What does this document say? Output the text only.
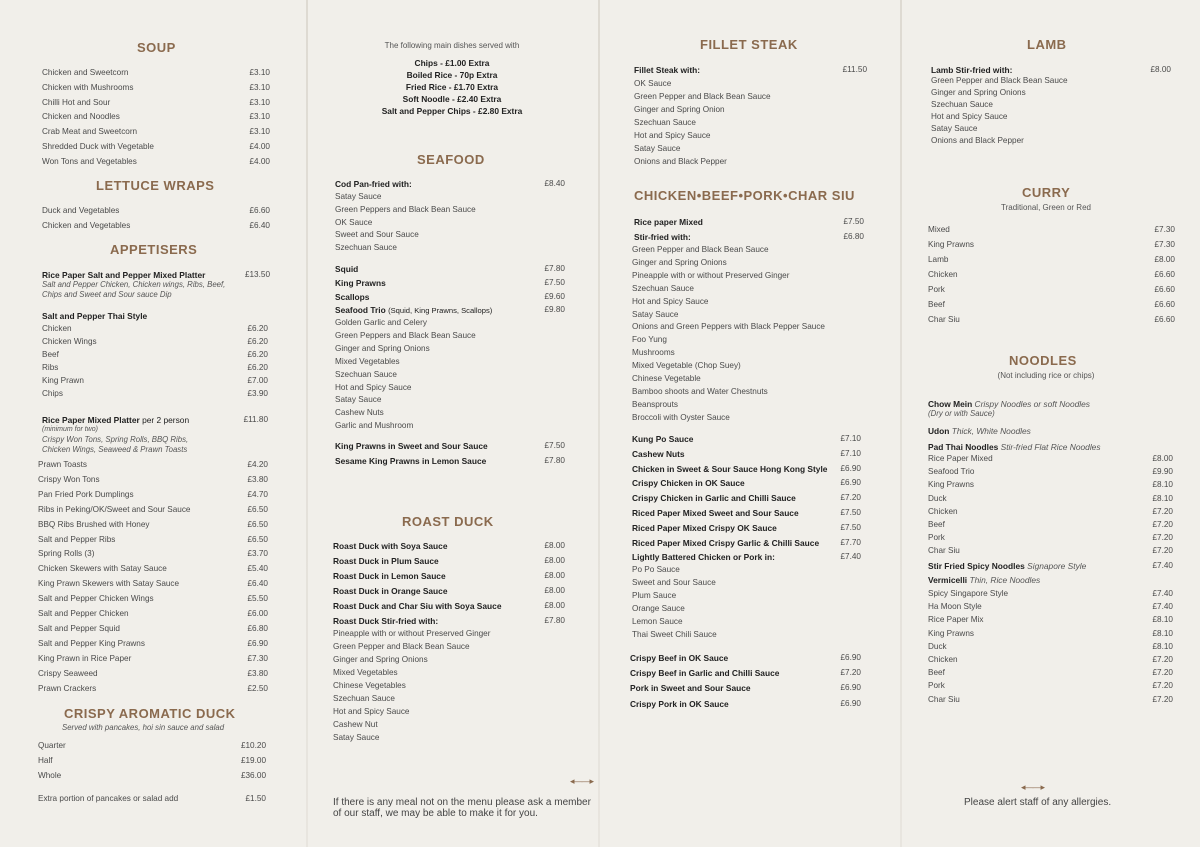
SOUP
Chicken and Sweetcorn	£3.10
Chicken with Mushrooms	£3.10
Chilli Hot and Sour	£3.10
Chicken and Noodles	£3.10
Crab Meat and Sweetcorn	£3.10
Shredded Duck with Vegetable	£4.00
Won Tons and Vegetables	£4.00
LETTUCE WRAPS
Duck and Vegetables	£6.60
Chicken and Vegetables	£6.40
APPETISERS
Rice Paper Salt and Pepper Mixed Platter	£13.50
Salt and Pepper Chicken, Chicken wings, Ribs, Beef,
Chips and Sweet and Sour sauce Dip
Salt and Pepper Thai Style
Chicken	£6.20
Chicken Wings	£6.20
Beef	£6.20
Ribs	£6.20
King Prawn	£7.00
Chips	£3.90
Rice Paper Mixed Platter per 2 person	£11.80
(minimum for two)
Crispy Won Tons, Spring Rolls, BBQ Ribs,
Chicken Wings, Seaweed & Prawn Toasts
Prawn Toasts	£4.20
Crispy Won Tons	£3.80
Pan Fried Pork Dumplings	£4.70
Ribs in Peking/OK/Sweet and Sour Sauce	£6.50
BBQ Ribs Brushed with Honey	£6.50
Salt and Pepper Ribs	£6.50
Spring Rolls (3)	£3.70
Chicken Skewers with Satay Sauce	£5.40
King Prawn Skewers with Satay Sauce	£6.40
Salt and Pepper Chicken Wings	£5.50
Salt and Pepper Chicken	£6.00
Salt and Pepper Squid	£6.80
Salt and Pepper King Prawns	£6.90
King Prawn in Rice Paper	£7.30
Crispy Seaweed	£3.80
Prawn Crackers	£2.50
CRISPY AROMATIC DUCK
Served with pancakes, hoi sin sauce and salad
Quarter	£10.20
Half	£19.00
Whole	£36.00
Extra portion of pancakes or salad add	£1.50
The following main dishes served with
Chips - £1.00 Extra
Boiled Rice - 70p Extra
Fried Rice - £1.70 Extra
Soft Noodle - £2.40 Extra
Salt and Pepper Chips - £2.80 Extra
SEAFOOD
Cod Pan-fried with:	£8.40
Satay Sauce
Green Peppers and Black Bean Sauce
OK Sauce
Sweet and Sour Sauce
Szechuan Sauce
Squid	£7.80
King Prawns	£7.50
Scallops	£9.60
Seafood Trio (Squid, King Prawns, Scallops)	£9.80
Golden Garlic and Celery
Green Peppers and Black Bean Sauce
Ginger and Spring Onions
Mixed Vegetables
Szechuan Sauce
Hot and Spicy Sauce
Satay Sauce
Cashew Nuts
Garlic and Mushroom
King Prawns in Sweet and Sour Sauce	£7.50
Sesame King Prawns in Lemon Sauce	£7.80
ROAST DUCK
Roast Duck with Soya Sauce	£8.00
Roast Duck in Plum Sauce	£8.00
Roast Duck in Lemon Sauce	£8.00
Roast Duck in Orange Sauce	£8.00
Roast Duck and Char Siu with Soya Sauce	£8.00
Roast Duck Stir-fried with:	£7.80
Pineapple with or without Preserved Ginger
Green Pepper and Black Bean Sauce
Ginger and Spring Onions
Mixed Vegetables
Chinese Vegetables
Szechuan Sauce
Hot and Spicy Sauce
Cashew Nut
Satay Sauce
◂——▸
If there is any meal not on the menu please ask a member of our staff, we may be able to make it for you.
FILLET STEAK
Fillet Steak with:	£11.50
OK Sauce
Green Pepper and Black Bean Sauce
Ginger and Spring Onion
Szechuan Sauce
Hot and Spicy Sauce
Satay Sauce
Onions and Black Pepper
CHICKEN•BEEF•PORK•CHAR SIU
Rice paper Mixed	£7.50
Stir-fried with:	£6.80
Green Pepper and Black Bean Sauce
Ginger and Spring Onions
Pineapple with or without Preserved Ginger
Szechuan Sauce
Hot and Spicy Sauce
Satay Sauce
Onions and Green Peppers with Black Pepper Sauce
Foo Yung
Mushrooms
Mixed Vegetable (Chop Suey)
Chinese Vegetable
Bamboo shoots and Water Chestnuts
Beansprouts
Broccoli with Oyster Sauce
Kung Po Sauce	£7.10
Cashew Nuts	£7.10
Chicken in Sweet & Sour Sauce Hong Kong Style	£6.90
Crispy Chicken in OK Sauce	£6.90
Crispy Chicken in Garlic and Chilli Sauce	£7.20
Riced Paper Mixed Sweet and Sour Sauce	£7.50
Riced Paper Mixed Crispy OK Sauce	£7.50
Riced Paper Mixed Crispy Garlic & Chilli Sauce	£7.70
Lightly Battered Chicken or Pork in:	£7.40
Po Po Sauce
Sweet and Sour Sauce
Plum Sauce
Orange Sauce
Lemon Sauce
Thai Sweet Chili Sauce
Crispy Beef in OK Sauce	£6.90
Crispy Beef in Garlic and Chilli Sauce	£7.20
Pork in Sweet and Sour Sauce	£6.90
Crispy Pork in OK Sauce	£6.90
LAMB
Lamb Stir-fried with:	£8.00
Green Pepper and Black Bean Sauce
Ginger and Spring Onions
Szechuan Sauce
Hot and Spicy Sauce
Satay Sauce
Onions and Black Pepper
CURRY
Traditional, Green or Red
Mixed	£7.30
King Prawns	£7.30
Lamb	£8.00
Chicken	£6.60
Pork	£6.60
Beef	£6.60
Char Siu	£6.60
NOODLES
(Not including rice or chips)
Chow Mein Crispy Noodles or soft Noodles
(Dry or with Sauce)
Udon Thick, White Noodles
Pad Thai Noodles Stir-fried Flat Rice Noodles
Rice Paper Mixed	£8.00
Seafood Trio	£9.90
King Prawns	£8.10
Duck	£8.10
Chicken	£7.20
Beef	£7.20
Pork	£7.20
Char Siu	£7.20
Stir Fried Spicy Noodles Signapore Style	£7.40
Vermicelli Thin, Rice Noodles
Spicy Singapore Style	£7.40
Ha Moon Style	£7.40
Rice Paper Mix	£8.10
King Prawns	£8.10
Duck	£8.10
Chicken	£7.20
Beef	£7.20
Pork	£7.20
Char Siu	£7.20
◂——▸
Please alert staff of any allergies.
